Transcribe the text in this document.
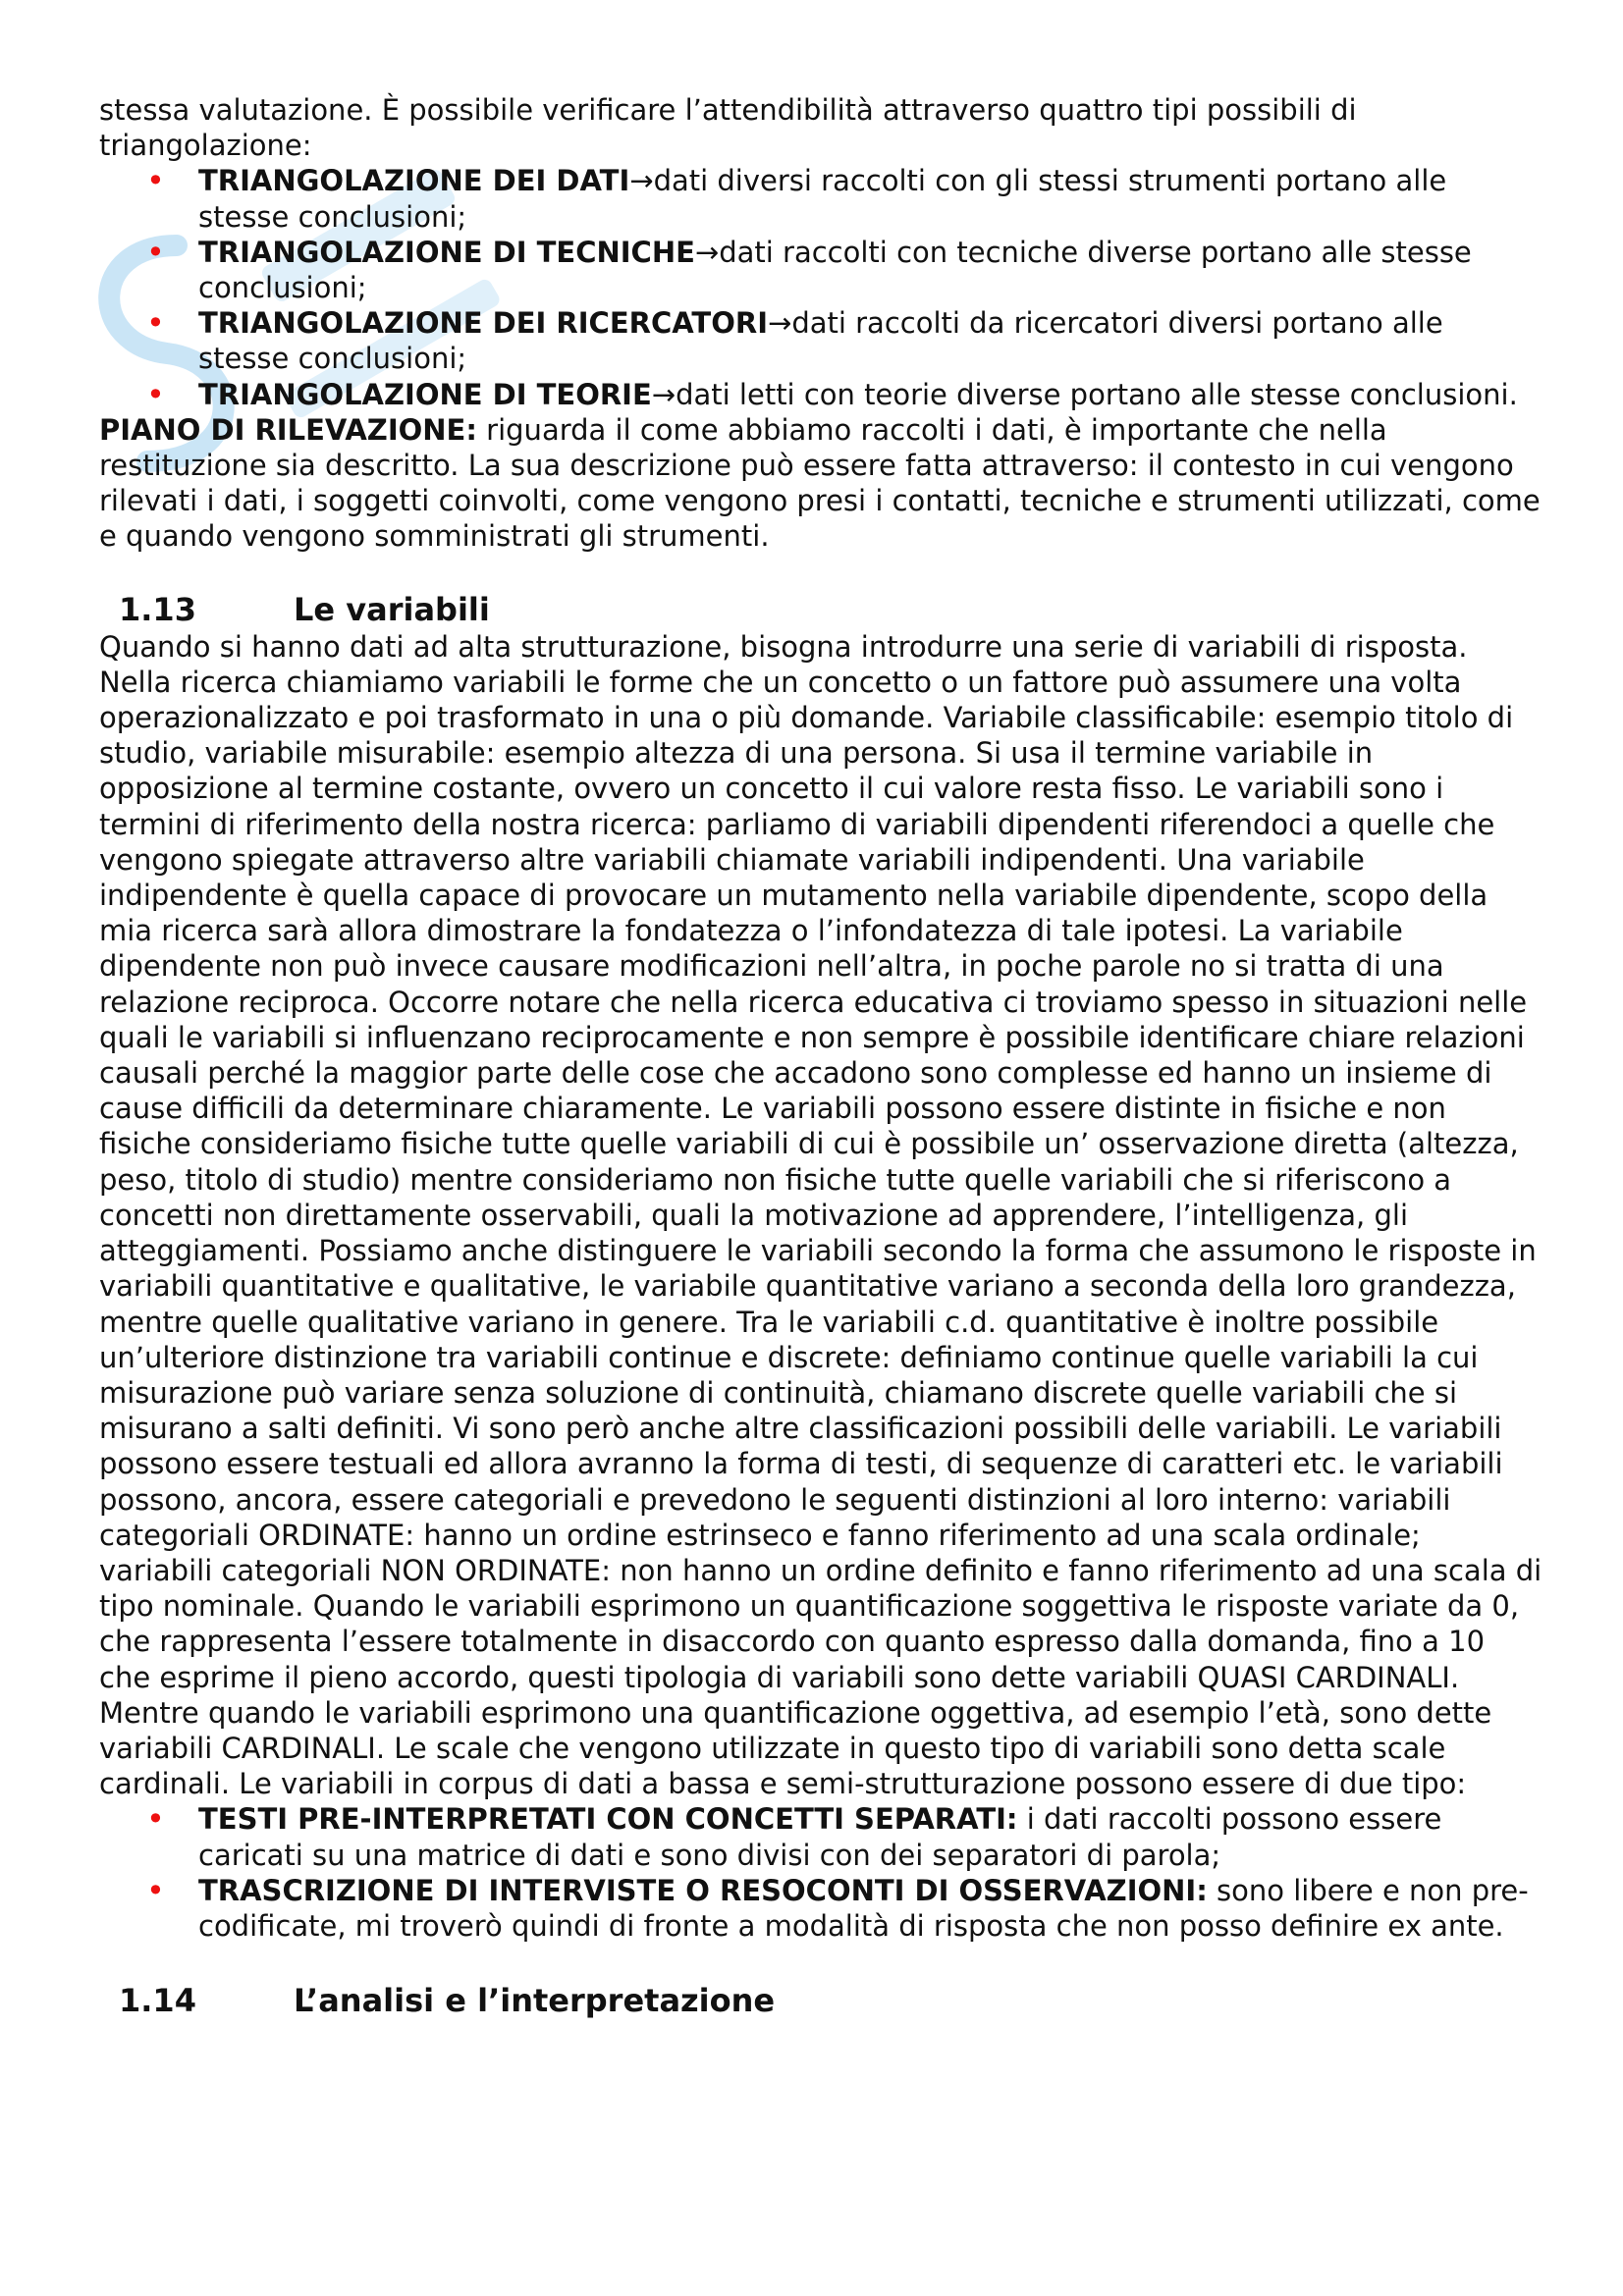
stessa valutazione. È possibile verificare l’attendibilità attraverso quattro tipi possibili di triangolazione:

• TRIANGOLAZIONE DEI DATI→dati diversi raccolti con gli stessi strumenti portano alle stesse conclusioni;
• TRIANGOLAZIONE DI TECNICHE→dati raccolti con tecniche diverse portano alle stesse conclusioni;
• TRIANGOLAZIONE DEI RICERCATORI→dati raccolti da ricercatori diversi portano alle stesse conclusioni;
• TRIANGOLAZIONE DI TEORIE→dati letti con teorie diverse portano alle stesse conclusioni.

PIANO DI RILEVAZIONE: riguarda il come abbiamo raccolti i dati, è importante che nella restituzione sia descritto. La sua descrizione può essere fatta attraverso: il contesto in cui vengono rilevati i dati, i soggetti coinvolti, come vengono presi i contatti, tecniche e strumenti utilizzati, come e quando vengono somministrati gli strumenti.

1.13	Le variabili

Quando si hanno dati ad alta strutturazione, bisogna introdurre una serie di variabili di risposta. Nella ricerca chiamiamo variabili le forme che un concetto o un fattore può assumere una volta operazionalizzato e poi trasformato in una o più domande. Variabile classificabile: esempio titolo di studio, variabile misurabile: esempio altezza di una persona. Si usa il termine variabile in opposizione al termine costante, ovvero un concetto il cui valore resta fisso. Le variabili sono i termini di riferimento della nostra ricerca: parliamo di variabili dipendenti riferendoci a quelle che vengono spiegate attraverso altre variabili chiamate variabili indipendenti. Una variabile indipendente è quella capace di provocare un mutamento nella variabile dipendente, scopo della mia ricerca sarà allora dimostrare la fondatezza o l’infondatezza di tale ipotesi. La variabile dipendente non può invece causare modificazioni nell’altra, in poche parole no si tratta di una relazione reciproca. Occorre notare che nella ricerca educativa ci troviamo spesso in situazioni nelle quali le variabili si influenzano reciprocamente e non sempre è possibile identificare chiare relazioni causali perché la maggior parte delle cose che accadono sono complesse ed hanno un insieme di cause difficili da determinare chiaramente. Le variabili possono essere distinte in fisiche e non fisiche consideriamo fisiche tutte quelle variabili di cui è possibile un’ osservazione diretta (altezza, peso, titolo di studio) mentre consideriamo non fisiche tutte quelle variabili che si riferiscono a concetti non direttamente osservabili, quali la motivazione ad apprendere, l’intelligenza, gli atteggiamenti. Possiamo anche distinguere le variabili secondo la forma che assumono le risposte in variabili quantitative e qualitative, le variabile quantitative variano a seconda della loro grandezza, mentre quelle qualitative variano in genere. Tra le variabili c.d. quantitative è inoltre possibile un’ulteriore distinzione tra variabili continue e discrete: definiamo continue quelle variabili la cui misurazione può variare senza soluzione di continuità, chiamano discrete quelle variabili che si misurano a salti definiti. Vi sono però anche altre classificazioni possibili delle variabili. Le variabili possono essere testuali ed allora avranno la forma di testi, di sequenze di caratteri etc. le variabili possono, ancora, essere categoriali e prevedono le seguenti distinzioni al loro interno: variabili categoriali ORDINATE: hanno un ordine estrinseco e fanno riferimento ad una scala ordinale; variabili categoriali NON ORDINATE: non hanno un ordine definito e fanno riferimento ad una scala di tipo nominale. Quando le variabili esprimono un quantificazione soggettiva le risposte variate da 0, che rappresenta l’essere totalmente in disaccordo con quanto espresso dalla domanda, fino a 10 che esprime il pieno accordo, questi tipologia di variabili sono dette variabili QUASI CARDINALI. Mentre quando le variabili esprimono una quantificazione oggettiva, ad esempio l’età, sono dette variabili CARDINALI. Le scale che vengono utilizzate in questo tipo di variabili sono detta scale cardinali. Le variabili in corpus di dati a bassa e semi-strutturazione possono essere di due tipo:

• TESTI PRE-INTERPRETATI CON CONCETTI SEPARATI: i dati raccolti possono essere caricati su una matrice di dati e sono divisi con dei separatori di parola;
• TRASCRIZIONE DI INTERVISTE O RESOCONTI DI OSSERVAZIONI: sono libere e non pre-codificate, mi troverò quindi di fronte a modalità di risposta che non posso definire ex ante.
1.14	L’analisi e l’interpretazione
